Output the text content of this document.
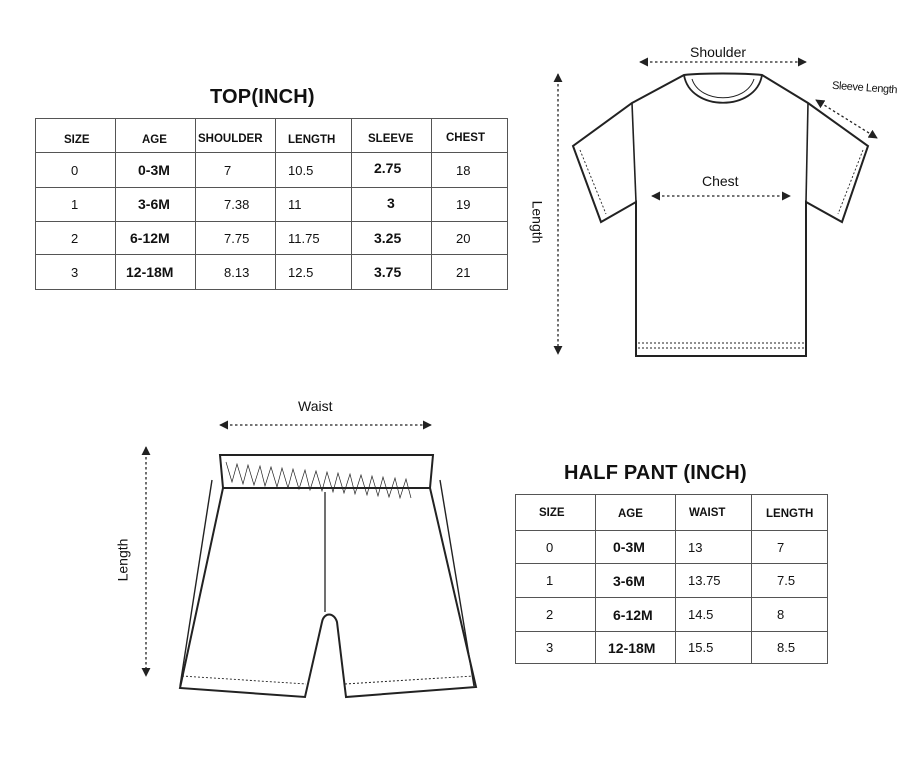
TOP(INCH)
SIZE	AGE	SHOULDER	LENGTH	SLEEVE	CHEST
0	0-3M	7	10.5	2.75	18
1	3-6M	7.38	11	3	19
2	6-12M	7.75	11.75	3.25	20
3	12-18M	8.13	12.5	3.75	21
HALF PANT (INCH)
SIZE	AGE	WAIST	LENGTH
0	0-3M	13	7
1	3-6M	13.75	7.5
2	6-12M	14.5	8
3	12-18M	15.5	8.5
Shoulder
Sleeve Length
Chest
Length
Waist
Length
